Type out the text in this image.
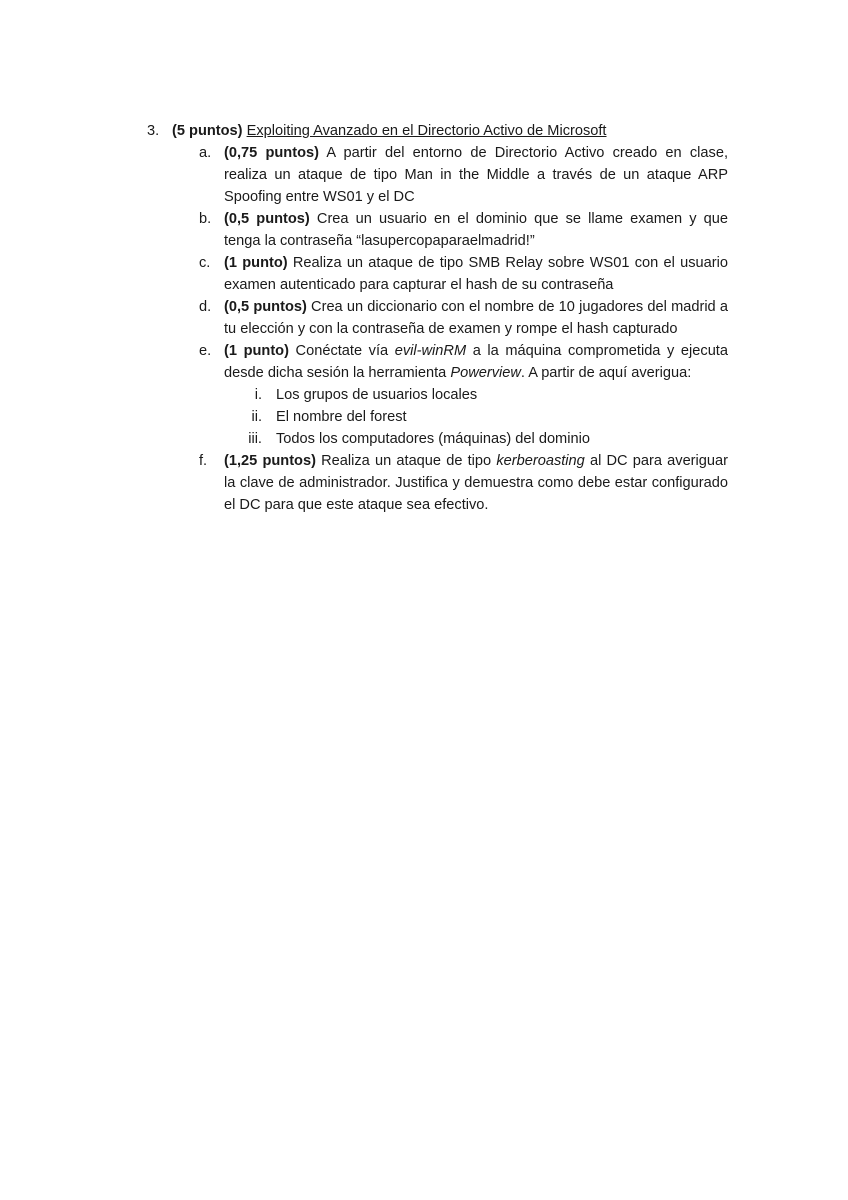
3. (5 puntos) Exploiting Avanzado en el Directorio Activo de Microsoft
a. (0,75 puntos) A partir del entorno de Directorio Activo creado en clase, realiza un ataque de tipo Man in the Middle a través de un ataque ARP Spoofing entre WS01 y el DC
b. (0,5 puntos) Crea un usuario en el dominio que se llame examen y que tenga la contraseña “lasupercopaparaelmadrid!”
c. (1 punto) Realiza un ataque de tipo SMB Relay sobre WS01 con el usuario examen autenticado para capturar el hash de su contraseña
d. (0,5 puntos) Crea un diccionario con el nombre de 10 jugadores del madrid a tu elección y con la contraseña de examen y rompe el hash capturado
e. (1 punto) Conéctate vía evil-winRM a la máquina comprometida y ejecuta desde dicha sesión la herramienta Powerview. A partir de aquí averigua:
i. Los grupos de usuarios locales
ii. El nombre del forest
iii. Todos los computadores (máquinas) del dominio
f. (1,25 puntos) Realiza un ataque de tipo kerberoasting al DC para averiguar la clave de administrador. Justifica y demuestra como debe estar configurado el DC para que este ataque sea efectivo.
